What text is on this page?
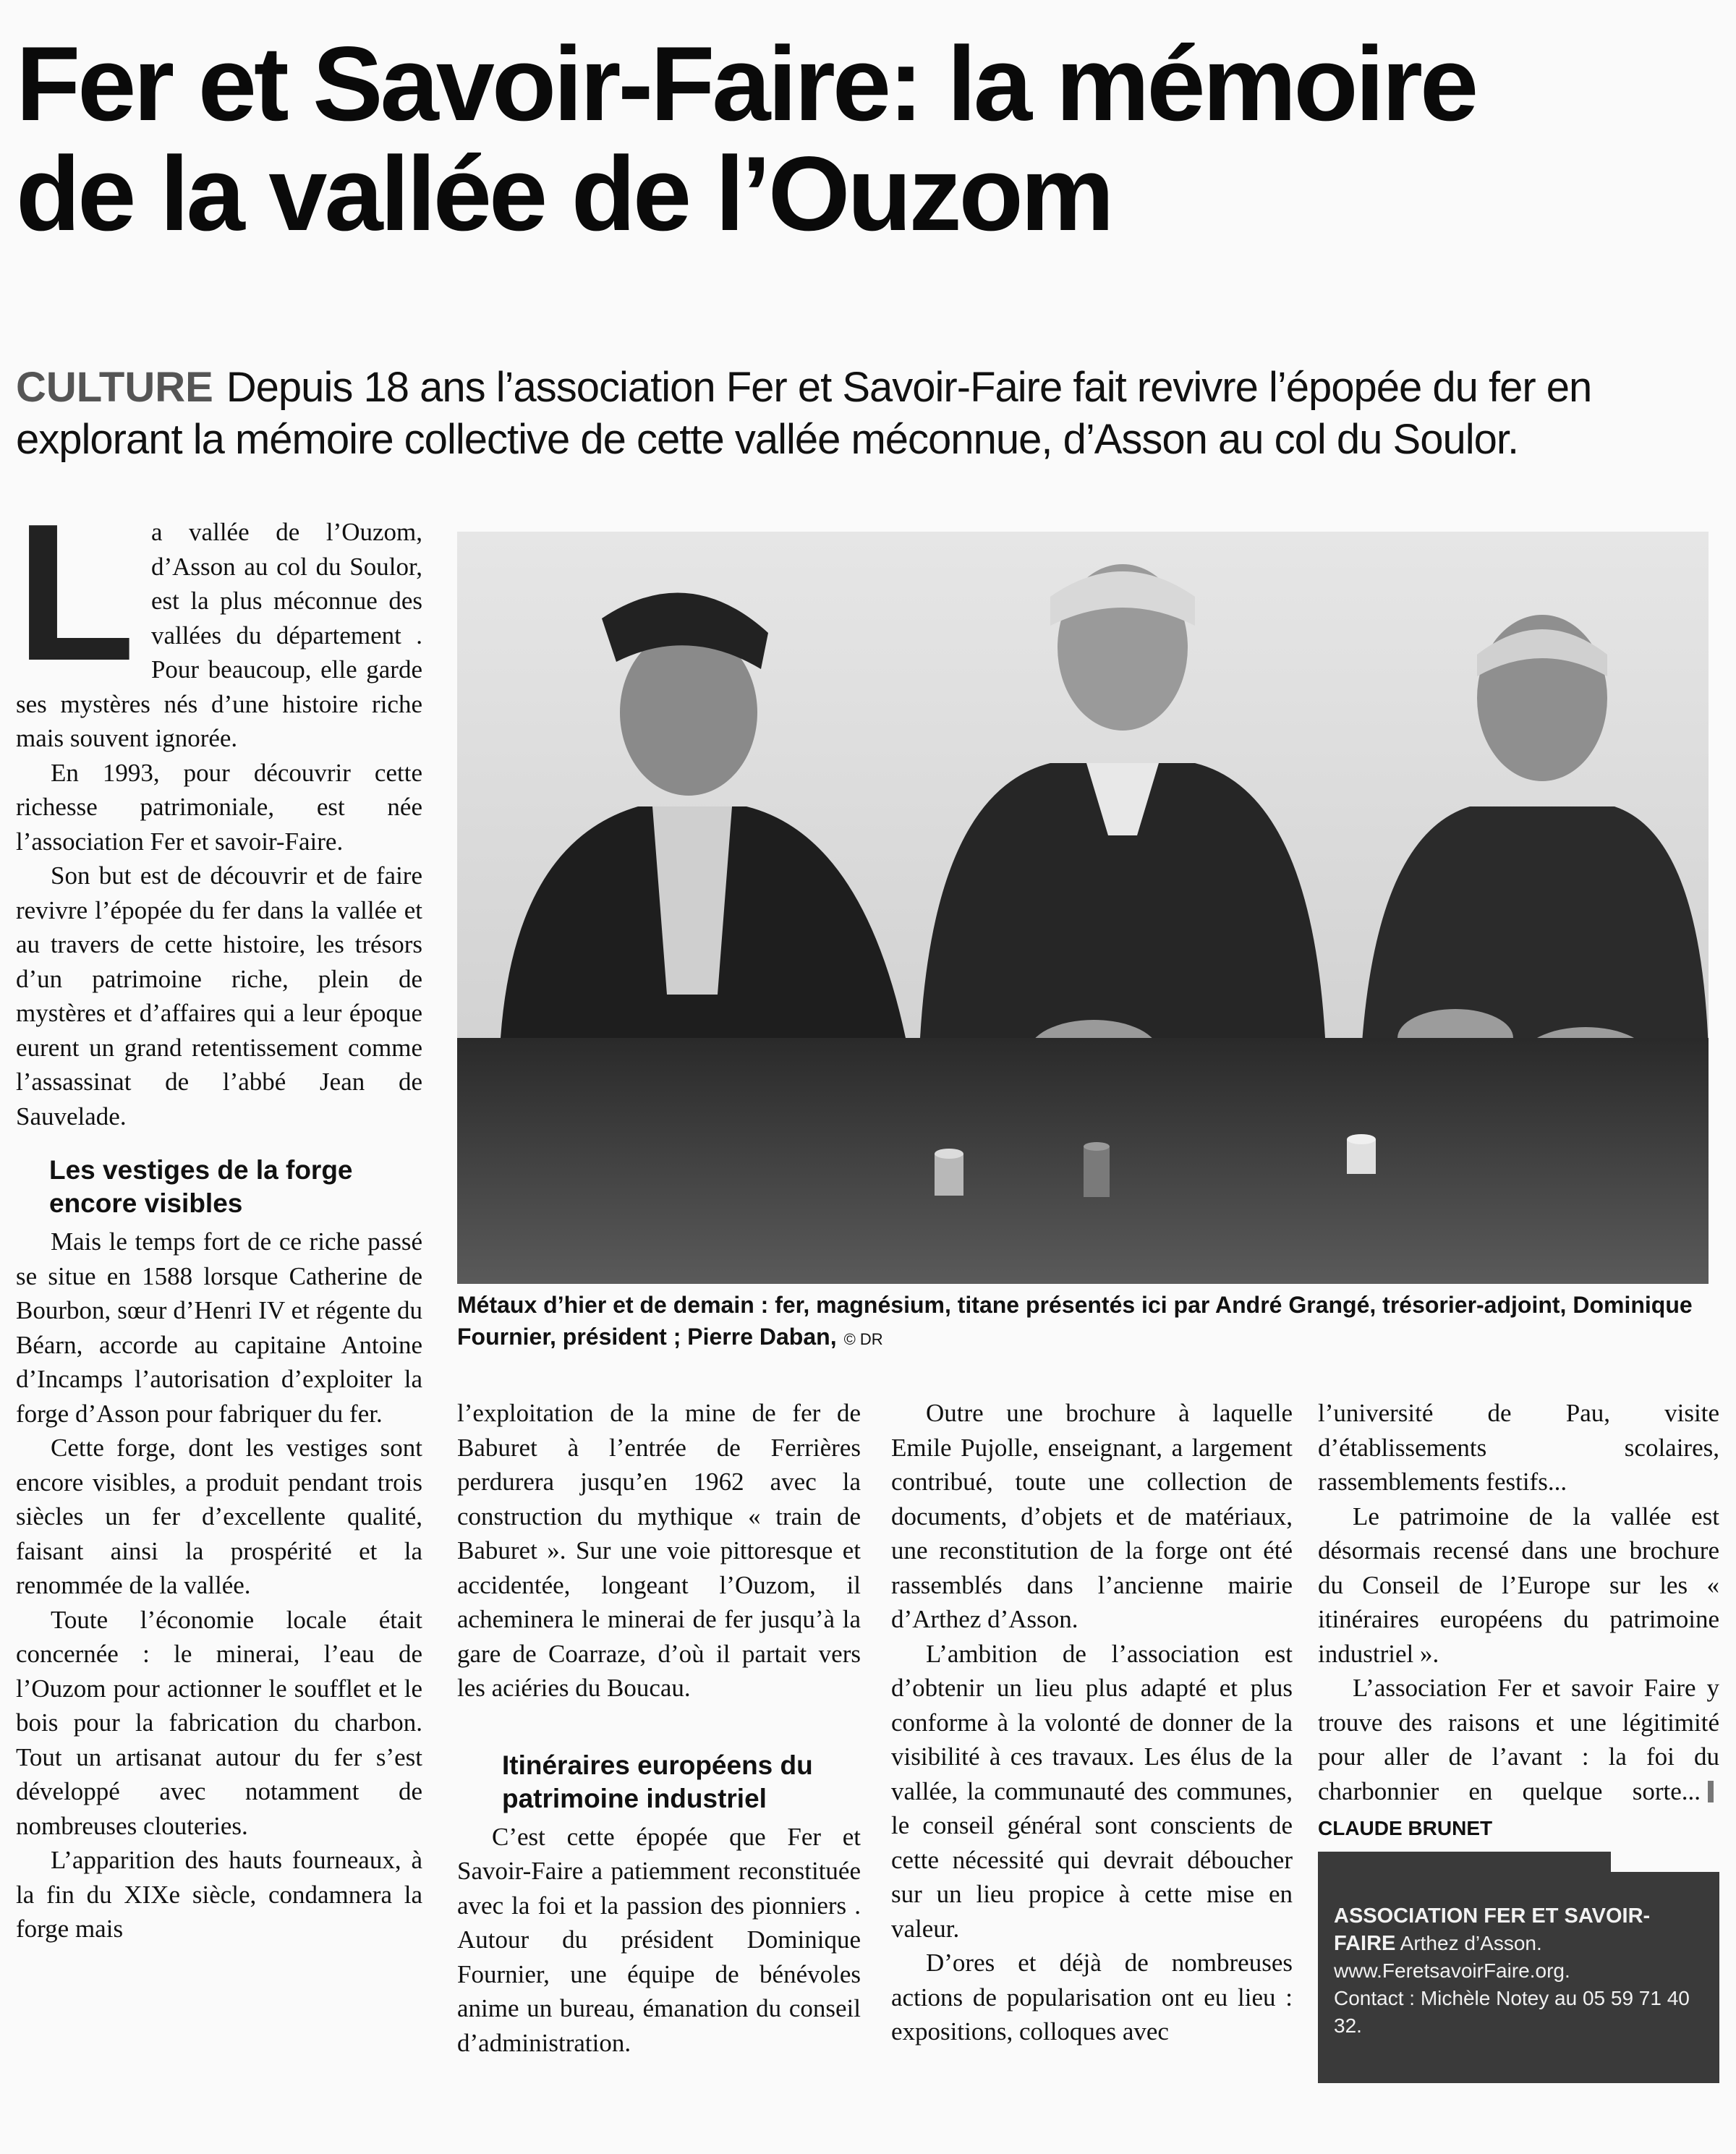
Fer et Savoir-Faire: la mémoire
de la vallée de l’Ouzom
CULTURE Depuis 18 ans l’association Fer et Savoir-Faire fait revivre l’épopée du fer en explorant la mémoire collective de cette vallée méconnue, d’Asson au col du Soulor.
L a vallée de l’Ouzom, d’Asson au col du Soulor, est la plus méconnue des vallées du département . Pour beaucoup, elle garde ses mystères nés d’une histoire riche mais souvent ignorée.

En 1993, pour découvrir cette richesse patrimoniale, est née l’association Fer et savoir-Faire.

Son but est de découvrir et de faire revivre l’épopée du fer dans la vallée et au travers de cette histoire, les trésors d’un patrimoine riche, plein de mystères et d’affaires qui a leur époque eurent un grand retentissement comme l’assassinat de l’abbé Jean de Sauvelade.

Les vestiges de la forge encore visibles

Mais le temps fort de ce riche passé se situe en 1588 lorsque Catherine de Bourbon, sœur d’Henri IV et régente du Béarn, accorde au capitaine Antoine d’Incamps l’autorisation d’exploiter la forge d’Asson pour fabriquer du fer.

Cette forge, dont les vestiges sont encore visibles, a produit pendant trois siècles un fer d’excellente qualité, faisant ainsi la prospérité et la renommée de la vallée.

Toute l’économie locale était concernée : le minerai, l’eau de l’Ouzom pour actionner le soufflet et le bois pour la fabrication du charbon. Tout un artisanat autour du fer s’est développé avec notamment de nombreuses clouteries.

L’apparition des hauts fourneaux, à la fin du XIXe siècle, condamnera la forge mais

Métaux d’hier et de demain : fer, magnésium, titane présentés ici par André Grangé, trésorier-adjoint, Dominique Fournier, président ; Pierre Daban, © DR

l’exploitation de la mine de fer de Baburet à l’entrée de Ferrières perdurera jusqu’en 1962 avec la construction du mythique « train de Baburet ». Sur une voie pittoresque et accidentée, longeant l’Ouzom, il acheminera le minerai de fer jusqu’à la gare de Coarraze, d’où il partait vers les aciéries du Boucau.

Itinéraires européens du patrimoine industriel

C’est cette épopée que Fer et Savoir-Faire a patiemment reconstituée avec la foi et la passion des pionniers . Autour du président Dominique Fournier, une équipe de bénévoles anime un bureau, émanation du conseil d’administration.

Outre une brochure à laquelle Emile Pujolle, enseignant, a largement contribué, toute une collection de documents, d’objets et de matériaux, une reconstitution de la forge ont été rassemblés dans l’ancienne mairie d’Arthez d’Asson.

L’ambition de l’association est d’obtenir un lieu plus adapté et plus conforme à la volonté de donner de la visibilité à ces travaux. Les élus de la vallée, la communauté des communes, le conseil général sont conscients de cette nécessité qui devrait déboucher sur un lieu propice à cette mise en valeur.

D’ores et déjà de nombreuses actions de popularisation ont eu lieu : expositions, colloques avec

l’université de Pau, visite d’établissements scolaires, rassemblements festifs...

Le patrimoine de la vallée est désormais recensé dans une brochure du Conseil de l’Europe sur les « itinéraires européens du patrimoine industriel ».

L’association Fer et savoir Faire y trouve des raisons et une légitimité pour aller de l’avant : la foi du charbonnier en quelque sorte...CLAUDE BRUNET

ASSOCIATION FER ET SAVOIR-FAIRE Arthez d’Asson.
www.FeretsavoirFaire.org.
Contact : Michèle Notey au 05 59 71 40 32.
